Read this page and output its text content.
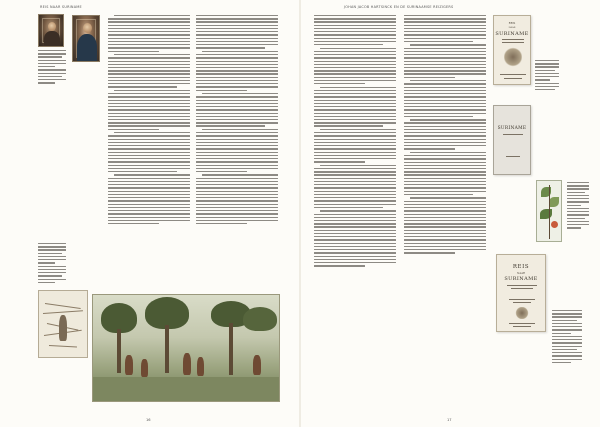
REIS NAAR SURINAME
16
JOHAN JACOB HARTSINCK EN DE SURINAAMSE REIZIGERS
REIS
NAAR
SURINAME
SURINAME
REIS
NAAR
SURINAME
17
